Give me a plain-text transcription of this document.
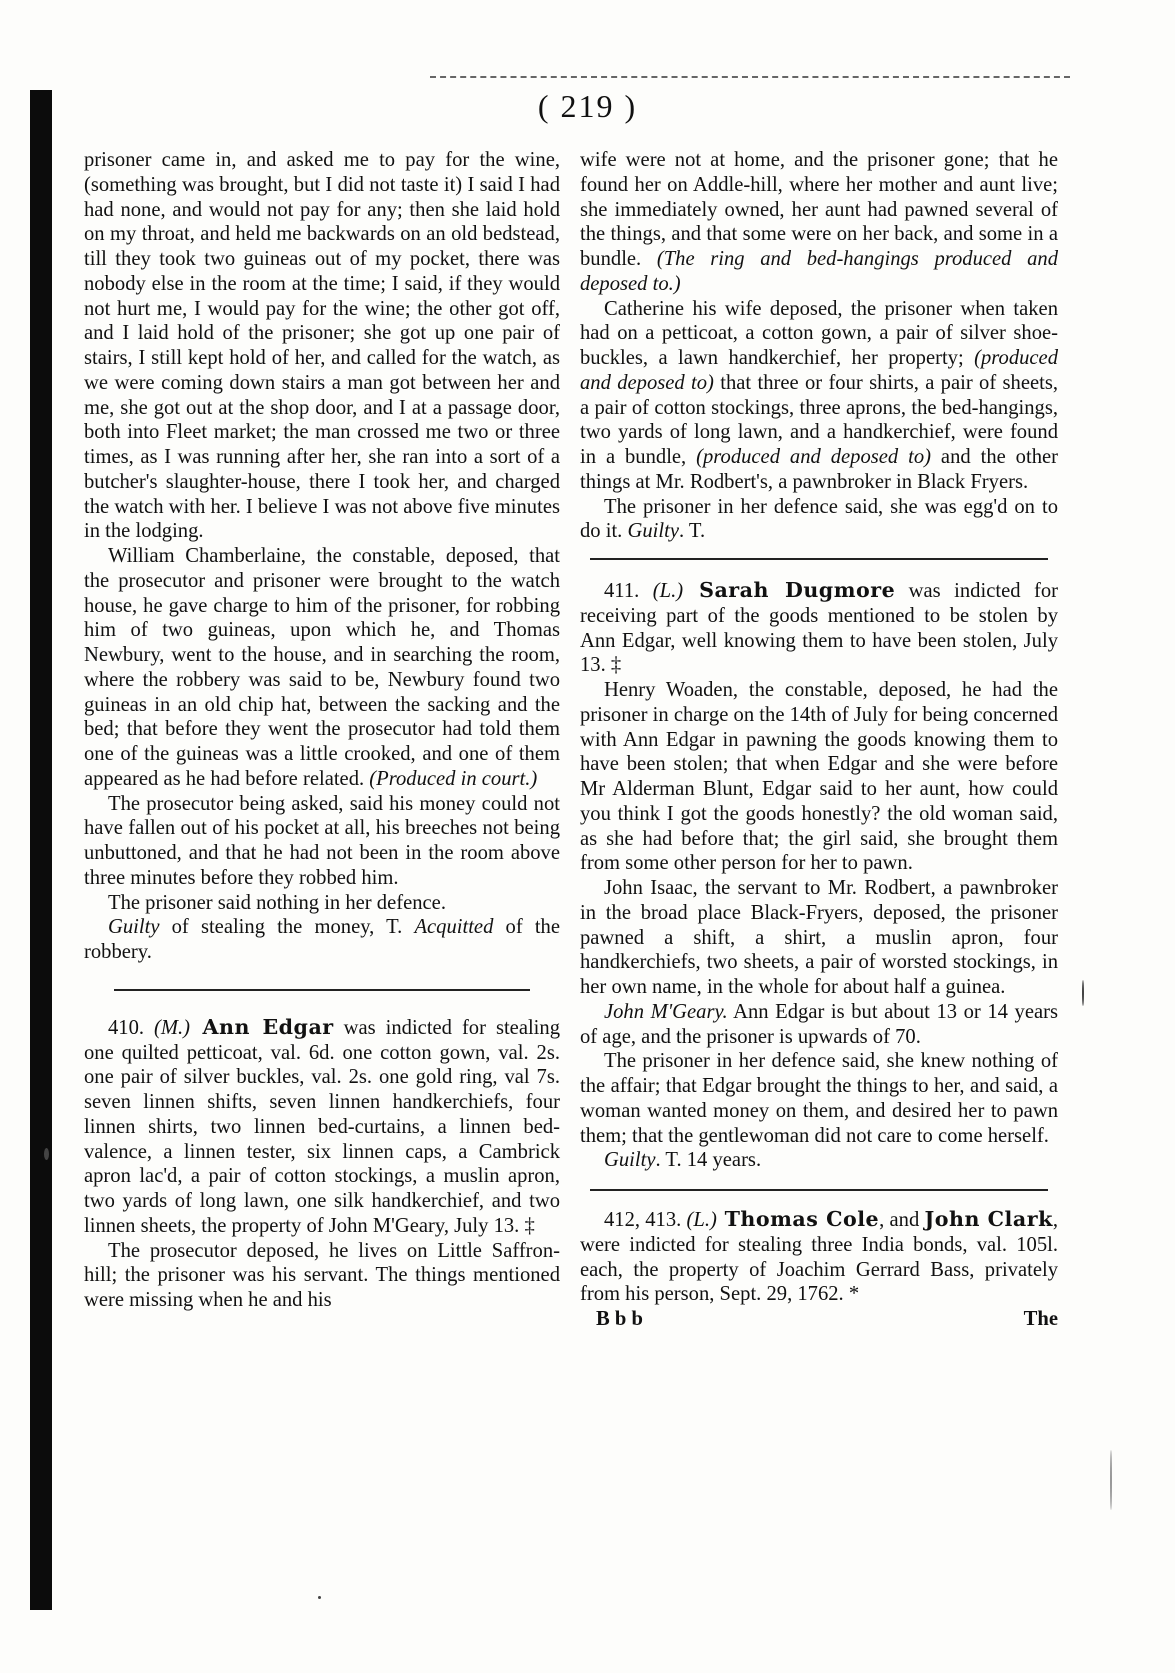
( 219 )

prisoner came in, and asked me to pay for the wine, (something was brought, but I did not taste it) I said I had had none, and would not pay for any; then she laid hold on my throat, and held me backwards on an old bedstead, till they took two guineas out of my pocket, there was nobody else in the room at the time; I said, if they would not hurt me, I would pay for the wine; the other got off, and I laid hold of the prisoner; she got up one pair of stairs, I still kept hold of her, and called for the watch, as we were coming down stairs a man got between her and me, she got out at the shop door, and I at a passage door, both into Fleet market; the man crossed me two or three times, as I was running after her, she ran into a sort of a butcher's slaughter-house, there I took her, and charged the watch with her. I believe I was not above five minutes in the lodging.

William Chamberlaine, the constable, deposed, that the prosecutor and prisoner were brought to the watch house, he gave charge to him of the prisoner, for robbing him of two guineas, upon which he, and Thomas Newbury, went to the house, and in searching the room, where the robbery was said to be, Newbury found two guineas in an old chip hat, between the sacking and the bed; that before they went the prosecutor had told them one of the guineas was a little crooked, and one of them appeared as he had before related. (Produced in court.)

The prosecutor being asked, said his money could not have fallen out of his pocket at all, his breeches not being unbuttoned, and that he had not been in the room above three minutes before they robbed him.

The prisoner said nothing in her defence.

Guilty of stealing the money, T. Acquitted of the robbery.

410. (M.) Ann Edgar was indicted for stealing one quilted petticoat, val. 6d. one cotton gown, val. 2s. one pair of silver buckles, val. 2s. one gold ring, val 7s. seven linnen shifts, seven linnen handkerchiefs, four linnen shirts, two linnen bed-curtains, a linnen bed-valence, a linnen tester, six linnen caps, a Cambrick apron lac'd, a pair of cotton stockings, a muslin apron, two yards of long lawn, one silk handkerchief, and two linnen sheets, the property of John M'Geary, July 13. ‡

The prosecutor deposed, he lives on Little Saffron-hill; the prisoner was his servant. The things mentioned were missing when he and his

wife were not at home, and the prisoner gone; that he found her on Addle-hill, where her mother and aunt live; she immediately owned, her aunt had pawned several of the things, and that some were on her back, and some in a bundle. (The ring and bed-hangings produced and deposed to.)

Catherine his wife deposed, the prisoner when taken had on a petticoat, a cotton gown, a pair of silver shoe-buckles, a lawn handkerchief, her property; (produced and deposed to) that three or four shirts, a pair of sheets, a pair of cotton stockings, three aprons, the bed-hangings, two yards of long lawn, and a handkerchief, were found in a bundle, (produced and deposed to) and the other things at Mr. Rodbert's, a pawnbroker in Black Fryers.

The prisoner in her defence said, she was egg'd on to do it. Guilty. T.

411. (L.) Sarah Dugmore was indicted for receiving part of the goods mentioned to be stolen by Ann Edgar, well knowing them to have been stolen, July 13. ‡

Henry Woaden, the constable, deposed, he had the prisoner in charge on the 14th of July for being concerned with Ann Edgar in pawning the goods knowing them to have been stolen; that when Edgar and she were before Mr Alderman Blunt, Edgar said to her aunt, how could you think I got the goods honestly? the old woman said, as she had before that; the girl said, she brought them from some other person for her to pawn.

John Isaac, the servant to Mr. Rodbert, a pawnbroker in the broad place Black-Fryers, deposed, the prisoner pawned a shift, a shirt, a muslin apron, four handkerchiefs, two sheets, a pair of worsted stockings, in her own name, in the whole for about half a guinea.

John M'Geary. Ann Edgar is but about 13 or 14 years of age, and the prisoner is upwards of 70.

The prisoner in her defence said, she knew nothing of the affair; that Edgar brought the things to her, and said, a woman wanted money on them, and desired her to pawn them; that the gentlewoman did not care to come herself.

Guilty. T. 14 years.

412, 413. (L.) Thomas Cole, and John Clark, were indicted for stealing three India bonds, val. 105l. each, the property of Joachim Gerrard Bass, privately from his person, Sept. 29, 1762. *

B b b	The
